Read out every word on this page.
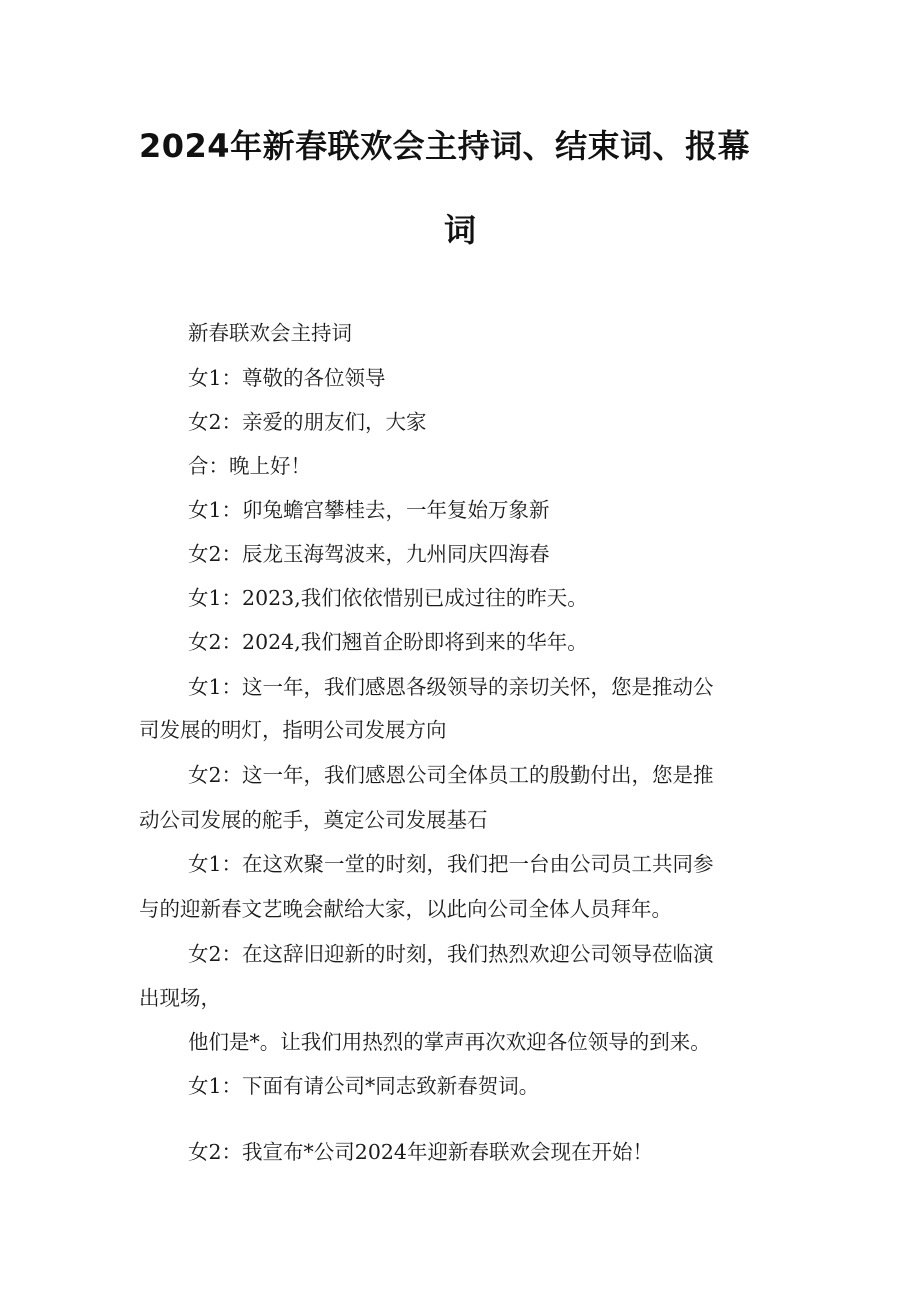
2024年新春联欢会主持词、结束词、报幕
词
新春联欢会主持词
女1：尊敬的各位领导
女2：亲爱的朋友们，大家
合：晚上好！
女1：卯兔蟾宫攀桂去，一年复始万象新
女2：辰龙玉海驾波来，九州同庆四海春
女1：2023,我们依依惜别已成过往的昨天。
女2：2024,我们翘首企盼即将到来的华年。
女1：这一年，我们感恩各级领导的亲切关怀，您是推动公
司发展的明灯，指明公司发展方向
女2：这一年，我们感恩公司全体员工的殷勤付出，您是推
动公司发展的舵手，奠定公司发展基石
女1：在这欢聚一堂的时刻，我们把一台由公司员工共同参
与的迎新春文艺晚会献给大家，以此向公司全体人员拜年。
女2：在这辞旧迎新的时刻，我们热烈欢迎公司领导莅临演
出现场，
他们是*。让我们用热烈的掌声再次欢迎各位领导的到来。
女1：下面有请公司*同志致新春贺词。
女2：我宣布*公司2024年迎新春联欢会现在开始！
